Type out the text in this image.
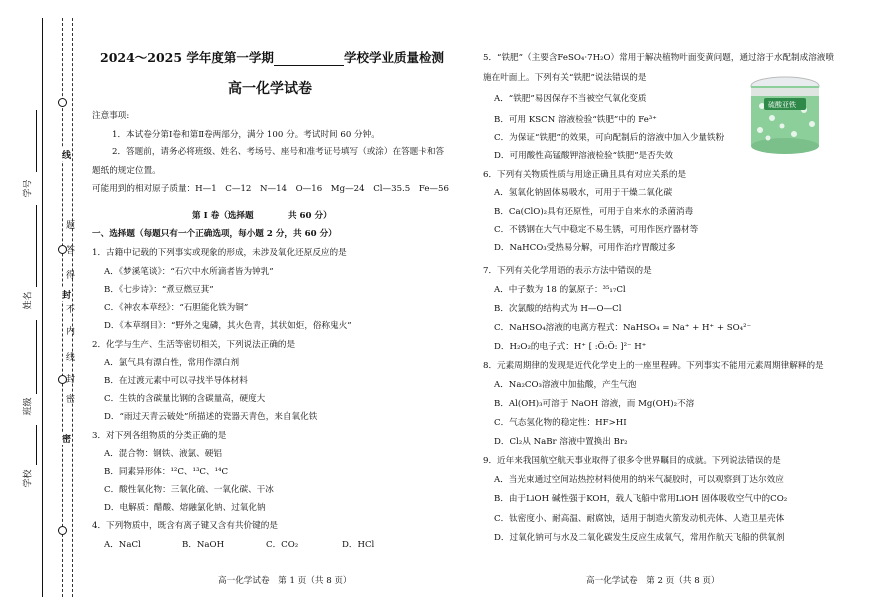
学号
姓名
班级
学校
线
封
密
密
封
线
内
不
得
答
题
2024～2025 学年度第一学期	学校学业质量检测
高一化学试卷
注意事项:
1．本试卷分第Ⅰ卷和第Ⅱ卷两部分，满分 100 分。考试时间 60 分钟。
2．答题前，请务必将班级、姓名、考场号、座号和准考证号填写（或涂）在答题卡和答
题纸的规定位置。
可能用到的相对原子质量：H—1　C—12　N—14　O—16　Mg—24　Cl—35.5　Fe—56
第 Ⅰ 卷（选择题　　　　共 60 分）
一、选择题（每题只有一个正确选项，每小题 2 分，共 60 分）
1．古籍中记载的下列事实或现象的形成，未涉及氧化还原反应的是
A．《梦溪笔谈》：“石穴中水所滴者皆为钟乳”
B．《七步诗》：“煮豆燃豆萁”
C．《神农本草经》：“石胆能化铁为铜”
D．《本草纲目》：“野外之鬼磷，其火色青，其状如炬，俗称鬼火”
2．化学与生产、生活等密切相关，下列说法正确的是
A．氯气具有漂白性，常用作漂白剂
B．在过渡元素中可以寻找半导体材料
C．生铁的含碳量比钢的含碳量高，硬度大
D．“雨过天青云破处”所描述的瓷器天青色，来自氧化铁
3．对下列各组物质的分类正确的是
A．混合物：钢铁、液氯、硬铝
B．同素异形体：¹²C、¹³C、¹⁴C
C．酸性氧化物：三氧化硫、一氧化碳、干冰
D．电解质：醋酸、熔融氯化钠、过氧化钠
4．下列物质中，既含有离子键又含有共价键的是
A．NaCl	B．NaOH	C．CO₂	D．HCl
高一化学试卷　第 1 页（共 8 页）
5．“铁肥”（主要含FeSO₄·7H₂O）常用于解决植物叶面变黄问题，通过溶于水配制成溶液喷
施在叶面上。下列有关“铁肥”说法错误的是
A．“铁肥”易因保存不当被空气氧化变质
B．可用 KSCN 溶液检验“铁肥”中的 Fe³⁺
C．为保证“铁肥”的效果，可向配制后的溶液中加入少量铁粉
D．可用酸性高锰酸钾溶液检验“铁肥”是否失效
硫酸亚铁
6．下列有关物质性质与用途正确且具有对应关系的是
A．氢氧化钠固体易吸水，可用于干燥二氧化碳
B．Ca(ClO)₂具有还原性，可用于自来水的杀菌消毒
C．不锈钢在大气中稳定不易生锈，可用作医疗器材等
D．NaHCO₃受热易分解，可用作治疗胃酸过多
7．下列有关化学用语的表示方法中错误的是
A．中子数为 18 的氯原子：³⁵₁₇Cl
B．次氯酸的结构式为 H—O—Cl
C．NaHSO₄溶液的电离方程式：NaHSO₄ = Na⁺ + H⁺ + SO₄²⁻
D．H₂O₂的电子式：H⁺ [ :Ö:Ö: ]²⁻ H⁺
8．元素周期律的发现是近代化学史上的一座里程碑。下列事实不能用元素周期律解释的是
A．Na₂CO₃溶液中加盐酸，产生气泡
B．Al(OH)₃可溶于 NaOH 溶液，而 Mg(OH)₂不溶
C．气态氢化物的稳定性：HF>HI
D．Cl₂从 NaBr 溶液中置换出 Br₂
9．近年来我国航空航天事业取得了很多令世界瞩目的成就。下列说法错误的是
A．当光束通过空间站热控材料使用的纳米气凝胶时，可以观察到丁达尔效应
B．由于LiOH 碱性强于KOH，载人飞船中常用LiOH 固体吸收空气中的CO₂
C．钛密度小、耐高温、耐腐蚀，适用于制造火箭发动机壳体、人造卫星壳体
D．过氧化钠可与水及二氧化碳发生反应生成氧气，常用作航天飞船的供氧剂
高一化学试卷　第 2 页（共 8 页）
